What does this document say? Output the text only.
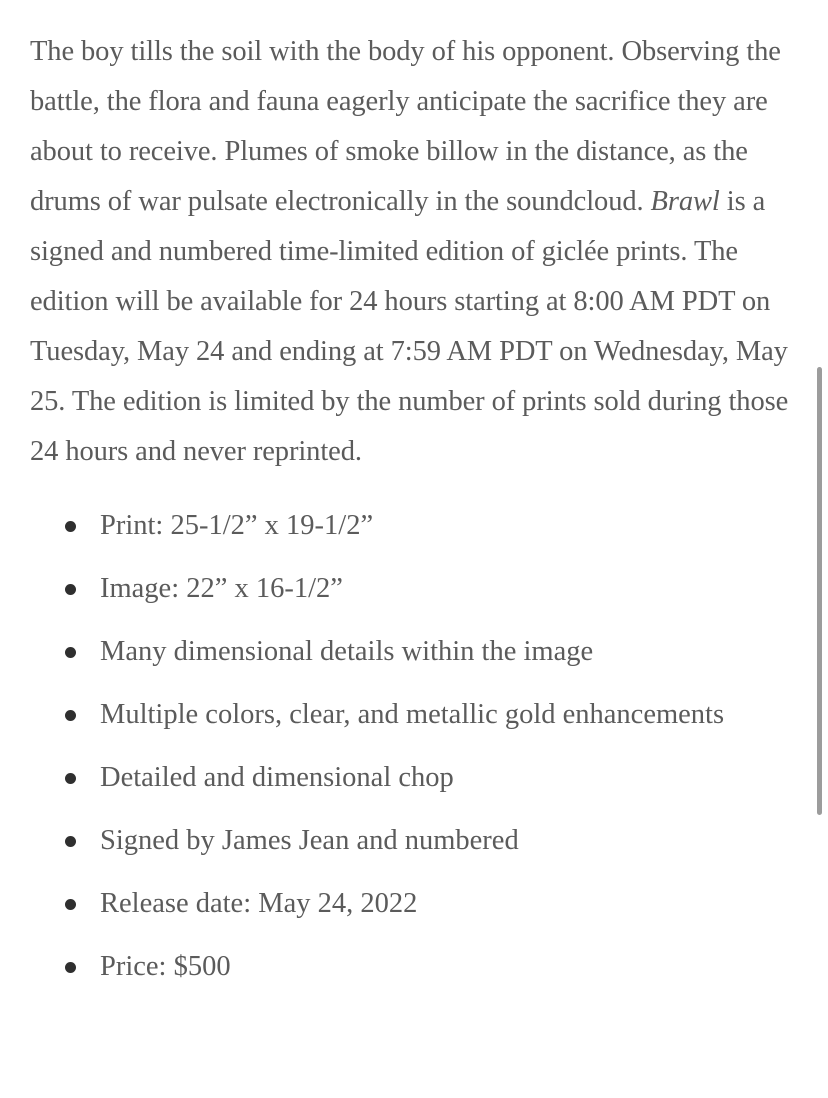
The boy tills the soil with the body of his opponent. Observing the battle, the flora and fauna eagerly anticipate the sacrifice they are about to receive. Plumes of smoke billow in the distance, as the drums of war pulsate electronically in the soundcloud. Brawl is a signed and numbered time-limited edition of giclée prints. The edition will be available for 24 hours starting at 8:00 AM PDT on Tuesday, May 24 and ending at 7:59 AM PDT on Wednesday, May 25. The edition is limited by the number of prints sold during those 24 hours and never reprinted.

Print: 25-1/2” x 19-1/2”
Image: 22” x 16-1/2”
Many dimensional details within the image
Multiple colors, clear, and metallic gold enhancements
Detailed and dimensional chop
Signed by James Jean and numbered
Release date: May 24, 2022
Price: $500
